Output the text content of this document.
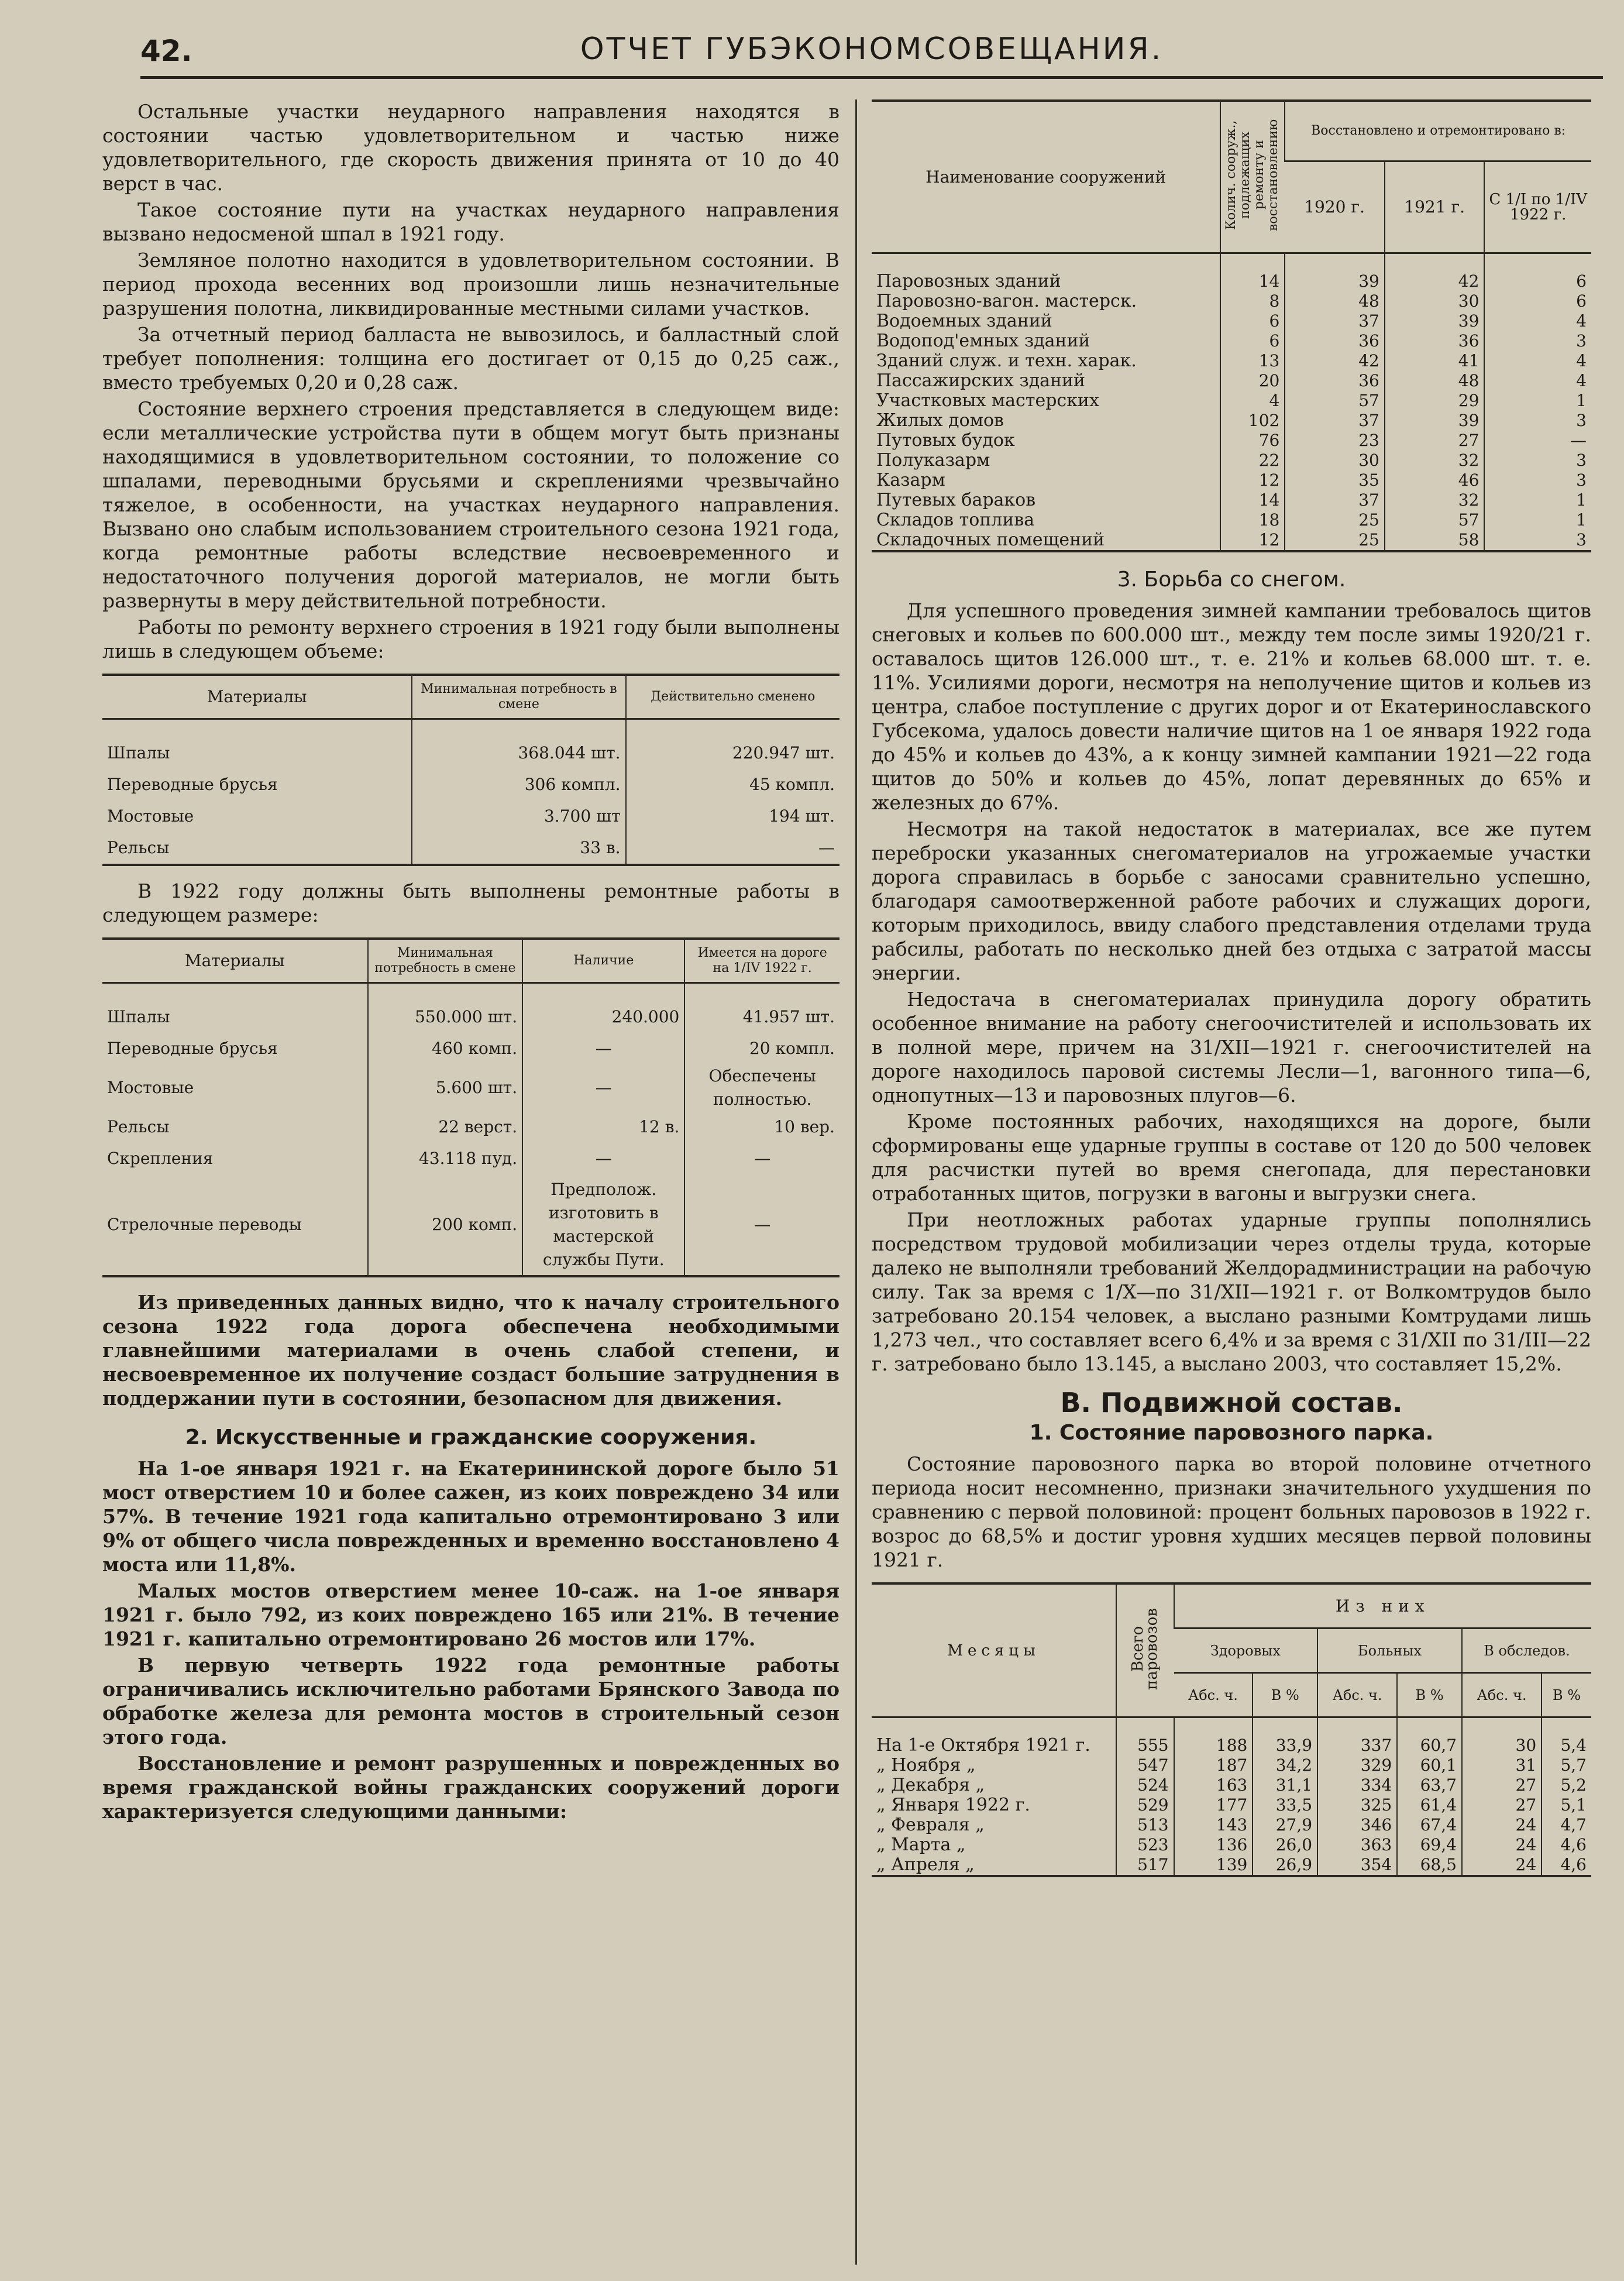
42.	ОТЧЕТ ГУБЭКОНОМСОВЕЩАНИЯ.

Остальные участки неударного направления находятся в состоянии частью удовлетворительном и частью ниже удовлетворительного, где скорость движения принята от 10 до 40 верст в час.

Такое состояние пути на участках неударного направления вызвано недосменой шпал в 1921 году.

Земляное полотно находится в удовлетворительном состоянии. В период прохода весенних вод произошли лишь незначительные разрушения полотна, ликвидированные местными силами участков.

За отчетный период балласта не вывозилось, и балластный слой требует пополнения: толщина его достигает от 0,15 до 0,25 саж., вместо требуемых 0,20 и 0,28 саж.

Состояние верхнего строения представляется в следующем виде: если металлические устройства пути в общем могут быть признаны находящимися в удовлетворительном состоянии, то положение со шпалами, переводными брусьями и скреплениями чрезвычайно тяжелое, в особенности, на участках неударного направления. Вызвано оно слабым использованием строительного сезона 1921 года, когда ремонтные работы вследствие несвоевременного и недостаточного получения дорогой материалов, не могли быть развернуты в меру действительной потребности.

Работы по ремонту верхнего строения в 1921 году были выполнены лишь в следующем объеме:

Материалы	Минимальная потребность в смене	Действительно сменено

Шпалы	368.044 шт.	220.947 шт.
Переводные брусья	306 компл.	45 компл.
Мостовые	3.700 шт	194 шт.
Рельсы	33 в.	—

В 1922 году должны быть выполнены ремонтные работы в следующем размере:

Материалы	Минимальная потребность в смене	Наличие	Имеется на дороге на 1/IV 1922 г.

Шпалы	550.000 шт.	240.000	41.957 шт.
Переводные брусья	460 комп.	—	20 компл.
Мостовые	5.600 шт.	—	Обеспечены полностью.
Рельсы	22 верст.	12 в.	10 вер.
Скрепления	43.118 пуд.	—	—
Стрелочные переводы	200 комп.	Предполож. изготовить в мастерской службы Пути.	—

Из приведенных данных видно, что к началу строительного сезона 1922 года дорога обеспечена необходимыми главнейшими материалами в очень слабой степени, и несвоевременное их получение создаст большие затруднения в поддержании пути в состоянии, безопасном для движения.

2. Искусственные и гражданские сооружения.

На 1-ое января 1921 г. на Екатерининской дороге было 51 мост отверстием 10 и более сажен, из коих повреждено 34 или 57%. В течение 1921 года капитально отремонтировано 3 или 9% от общего числа поврежденных и временно восстановлено 4 моста или 11,8%.

Малых мостов отверстием менее 10-саж. на 1-ое января 1921 г. было 792, из коих повреждено 165 или 21%. В течение 1921 г. капитально отремонтировано 26 мостов или 17%.

В первую четверть 1922 года ремонтные работы ограничивались исключительно работами Брянского Завода по обработке железа для ремонта мостов в строительный сезон этого года.

Восстановление и ремонт разрушенных и поврежденных во время гражданской войны гражданских сооружений дороги характеризуется следующими данными:

Наименование сооружений	Колич. сооруж., подлежащих ремонту и восстановлению	Восстановлено и отремонтировано в:		
		1920 г.	1921 г.	С 1/I по 1/IV 1922 г.

Паровозных зданий	14	39	42	6
Паровозно-вагон. мастерск.	8	48	30	6
Водоемных зданий	6	37	39	4
Водопод'емных зданий	6	36	36	3
Зданий служ. и техн. харак.	13	42	41	4
Пассажирских зданий	20	36	48	4
Участковых мастерских	4	57	29	1
Жилых домов	102	37	39	3
Путовых будок	76	23	27	—
Полуказарм	22	30	32	3
Казарм	12	35	46	3
Путевых бараков	14	37	32	1
Складов топлива	18	25	57	1
Складочных помещений	12	25	58	3
3. Борьба со снегом.

Для успешного проведения зимней кампании требовалось щитов снеговых и кольев по 600.000 шт., между тем после зимы 1920/21 г. оставалось щитов 126.000 шт., т. е. 21% и кольев 68.000 шт. т. е. 11%. Усилиями дороги, несмотря на неполучение щитов и кольев из центра, слабое поступление с других дорог и от Екатеринославского Губсекома, удалось довести наличие щитов на 1 ое января 1922 года до 45% и кольев до 43%, а к концу зимней кампании 1921—22 года щитов до 50% и кольев до 45%, лопат деревянных до 65% и железных до 67%.

Несмотря на такой недостаток в материалах, все же путем переброски указанных снегоматериалов на угрожаемые участки дорога справилась в борьбе с заносами сравнительно успешно, благодаря самоотверженной работе рабочих и служащих дороги, которым приходилось, ввиду слабого представления отделами труда рабсилы, работать по несколько дней без отдыха с затратой массы энергии.

Недостача в снегоматериалах принудила дорогу обратить особенное внимание на работу снегоочистителей и использовать их в полной мере, причем на 31/XII—1921 г. снегоочистителей на дороге находилось паровой системы Лесли—1, вагонного типа—6, однопутных—13 и паровозных плугов—6.

Кроме постоянных рабочих, находящихся на дороге, были сформированы еще ударные группы в составе от 120 до 500 человек для расчистки путей во время снегопада, для перестановки отработанных щитов, погрузки в вагоны и выгрузки снега.

При неотложных работах ударные группы пополнялись посредством трудовой мобилизации через отделы труда, которые далеко не выполняли требований Желдорадминистрации на рабочую силу. Так за время с 1/X—по 31/XII—1921 г. от Волкомтрудов было затребовано 20.154 человек, а выслано разными Комтрудами лишь 1,273 чел., что составляет всего 6,4% и за время с 31/XII по 31/III—22 г. затребовано было 13.145, а выслано 2003, что составляет 15,2%.

В. Подвижной состав.
1. Состояние паровозного парка.

Состояние паровозного парка во второй половине отчетного периода носит несомненно, признаки значительного ухудшения по сравнению с первой половиной: процент больных паровозов в 1922 г. возрос до 68,5% и достиг уровня худших месяцев первой половины 1921 г.

Месяцы	Всего паровозов	Из них					
		Здоровых		Больных		В обследов.	
		Абс. ч.	В %	Абс. ч.	В %	Абс. ч.	В %

На 1-е Октября 1921 г.	555	188	33,9	337	60,7	30	5,4
„ Ноября „	547	187	34,2	329	60,1	31	5,7
„ Декабря „	524	163	31,1	334	63,7	27	5,2
„ Января 1922 г.	529	177	33,5	325	61,4	27	5,1
„ Февраля „	513	143	27,9	346	67,4	24	4,7
„ Марта „	523	136	26,0	363	69,4	24	4,6
„ Апреля „	517	139	26,9	354	68,5	24	4,6
